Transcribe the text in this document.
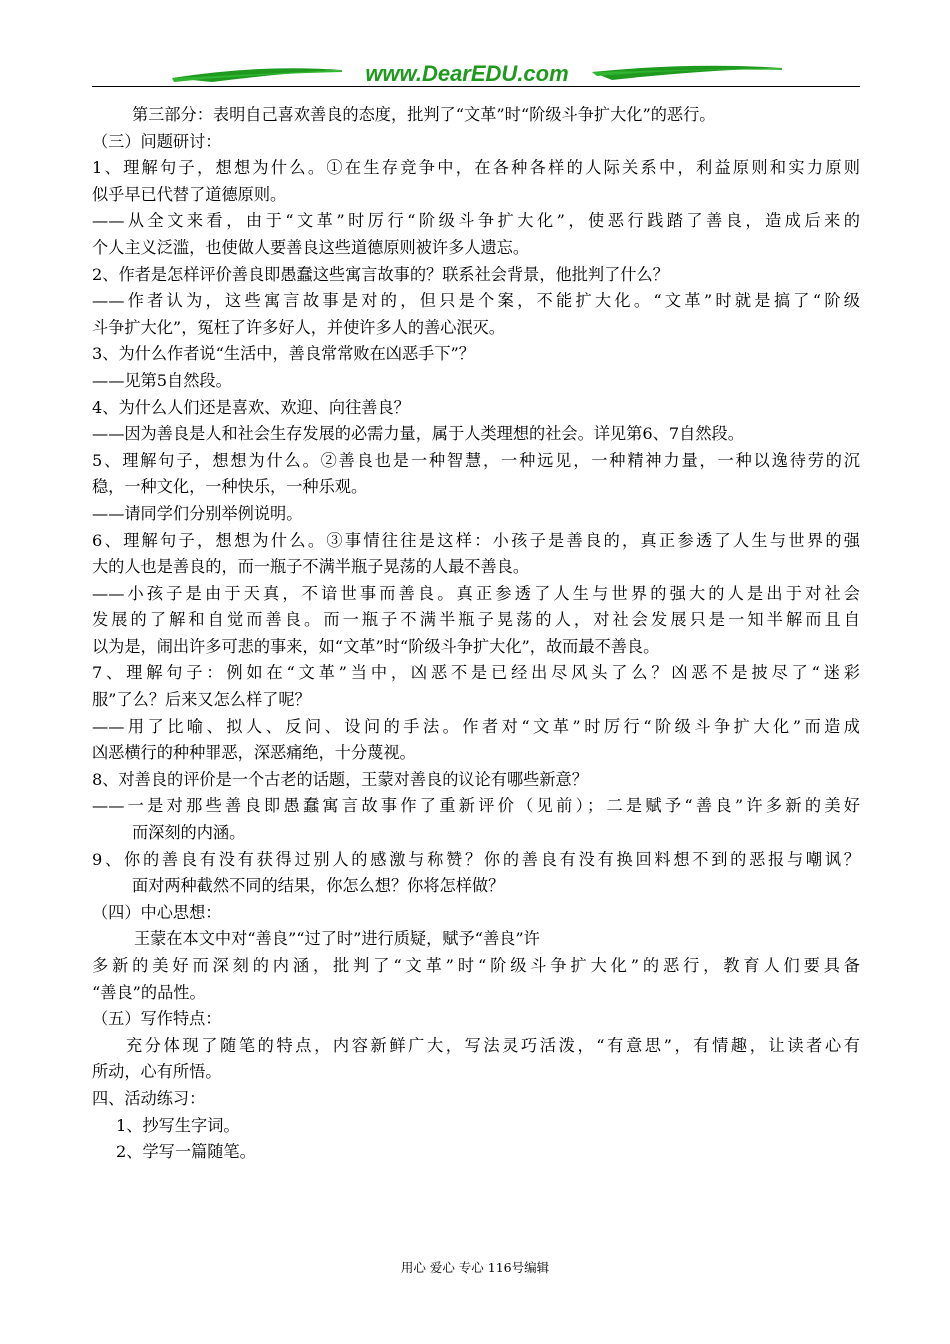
www.DearEDU.com
第三部分：表明自己喜欢善良的态度，批判了“文革”时“阶级斗争扩大化”的恶行。
（三）问题研讨：
1、理解句子，想想为什么。①在生存竞争中，在各种各样的人际关系中，利益原则和实力原则
似乎早已代替了道德原则。
——从全文来看，由于“文革”时厉行“阶级斗争扩大化”，使恶行践踏了善良，造成后来的
个人主义泛滥，也使做人要善良这些道德原则被许多人遗忘。
2、作者是怎样评价善良即愚蠢这些寓言故事的？联系社会背景，他批判了什么？
——作者认为，这些寓言故事是对的，但只是个案，不能扩大化。“文革”时就是搞了“阶级
斗争扩大化”，冤枉了许多好人，并使许多人的善心泯灭。
3、为什么作者说“生活中，善良常常败在凶恶手下”？
——见第5自然段。
4、为什么人们还是喜欢、欢迎、向往善良？
——因为善良是人和社会生存发展的必需力量，属于人类理想的社会。详见第6、7自然段。
5、理解句子，想想为什么。②善良也是一种智慧，一种远见，一种精神力量，一种以逸待劳的沉
稳，一种文化，一种快乐，一种乐观。
——请同学们分别举例说明。
6、理解句子，想想为什么。③事情往往是这样：小孩子是善良的，真正参透了人生与世界的强
大的人也是善良的，而一瓶子不满半瓶子晃荡的人最不善良。
——小孩子是由于天真，不谙世事而善良。真正参透了人生与世界的强大的人是出于对社会
发展的了解和自觉而善良。而一瓶子不满半瓶子晃荡的人，对社会发展只是一知半解而且自
以为是，闹出许多可悲的事来，如“文革”时“阶级斗争扩大化”，故而最不善良。
7、理解句子：例如在“文革”当中，凶恶不是已经出尽风头了么？凶恶不是披尽了“迷彩
服”了么？后来又怎么样了呢？
——用了比喻、拟人、反问、设问的手法。作者对“文革”时厉行“阶级斗争扩大化”而造成
凶恶横行的种种罪恶，深恶痛绝，十分蔑视。
8、对善良的评价是一个古老的话题，王蒙对善良的议论有哪些新意？
——一是对那些善良即愚蠢寓言故事作了重新评价（见前）；二是赋予“善良”许多新的美好
而深刻的内涵。
9、你的善良有没有获得过别人的感激与称赞？你的善良有没有换回料想不到的恶报与嘲讽？
面对两种截然不同的结果，你怎么想？你将怎样做？
（四）中心思想：
王蒙在本文中对“善良”“过了时”进行质疑，赋予“善良”许
多新的美好而深刻的内涵，批判了“文革”时“阶级斗争扩大化”的恶行，教育人们要具备
“善良”的品性。
（五）写作特点：
充分体现了随笔的特点，内容新鲜广大，写法灵巧活泼，“有意思”，有情趣，让读者心有
所动，心有所悟。
四、活动练习：
1、抄写生字词。
2、学写一篇随笔。
用心 爱心 专心 116号编辑
